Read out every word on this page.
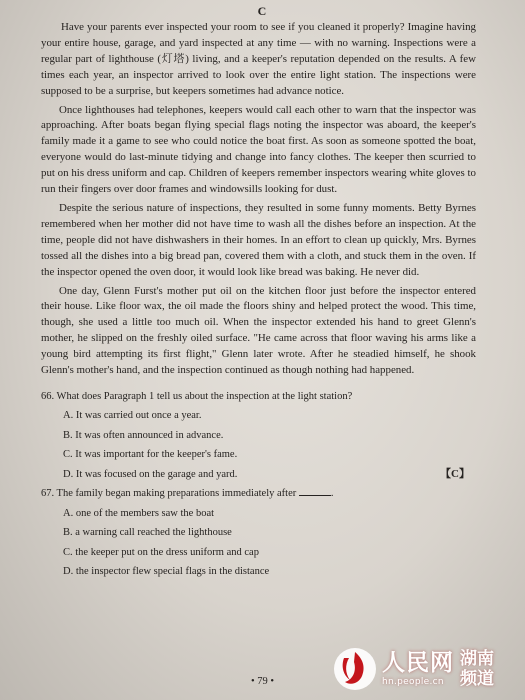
C

Have your parents ever inspected your room to see if you cleaned it properly? Imagine having your entire house, garage, and yard inspected at any time — with no warning. Inspections were a regular part of lighthouse (灯塔) living, and a keeper's reputation depended on the results. A few times each year, an inspector arrived to look over the entire light station. The inspections were supposed to be a surprise, but keepers sometimes had advance notice.

Once lighthouses had telephones, keepers would call each other to warn that the inspector was approaching. After boats began flying special flags noting the inspector was aboard, the keeper's family made it a game to see who could notice the boat first. As soon as someone spotted the boat, everyone would do last-minute tidying and change into fancy clothes. The keeper then scurried to put on his dress uniform and cap. Children of keepers remember inspectors wearing white gloves to run their fingers over door frames and windowsills looking for dust.

Despite the serious nature of inspections, they resulted in some funny moments. Betty Byrnes remembered when her mother did not have time to wash all the dishes before an inspection. At the time, people did not have dishwashers in their homes. In an effort to clean up quickly, Mrs. Byrnes tossed all the dishes into a big bread pan, covered them with a cloth, and stuck them in the oven. If the inspector opened the oven door, it would look like bread was baking. He never did.

One day, Glenn Furst's mother put oil on the kitchen floor just before the inspector entered their house. Like floor wax, the oil made the floors shiny and helped protect the wood. This time, though, she used a little too much oil. When the inspector extended his hand to greet Glenn's mother, he slipped on the freshly oiled surface. "He came across that floor waving his arms like a young bird attempting its first flight," Glenn later wrote. After he steadied himself, he shook Glenn's mother's hand, and the inspection continued as though nothing had happened.

66. What does Paragraph 1 tell us about the inspection at the light station?

A. It was carried out once a year.

B. It was often announced in advance.

C. It was important for the keeper's fame.

D. It was focused on the garage and yard.	【C】

67. The family began making preparations immediately after	.

A. one of the members saw the boat

B. a warning call reached the lighthouse

C. the keeper put on the dress uniform and cap

D. the inspector flew special flags in the distance

• 79 •
人民网
hn.people.cn
湖南
频道
